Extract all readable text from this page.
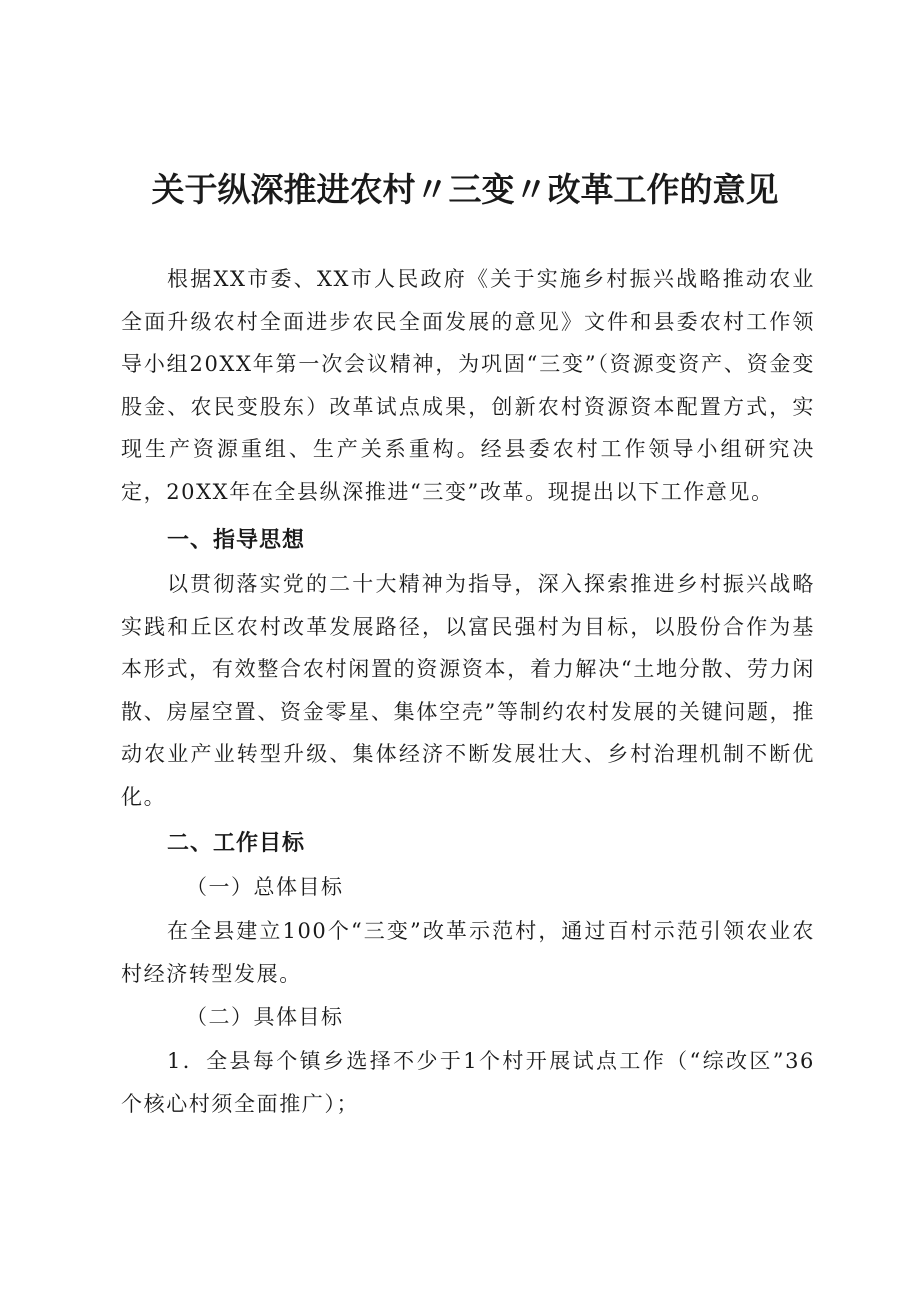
关于纵深推进农村〃三变〃改革工作的意见
根据XX市委、XX市人民政府《关于实施乡村振兴战略推动农业全面升级农村全面进步农民全面发展的意见》文件和县委农村工作领导小组20XX年第一次会议精神，为巩固“三变”（资源变资产、资金变股金、农民变股东）改革试点成果，创新农村资源资本配置方式，实现生产资源重组、生产关系重构。经县委农村工作领导小组研究决定，20XX年在全县纵深推进“三变”改革。现提出以下工作意见。
一、指导思想
以贯彻落实党的二十大精神为指导，深入探索推进乡村振兴战略实践和丘区农村改革发展路径，以富民强村为目标，以股份合作为基本形式，有效整合农村闲置的资源资本，着力解决“土地分散、劳力闲散、房屋空置、资金零星、集体空壳”等制约农村发展的关键问题，推动农业产业转型升级、集体经济不断发展壮大、乡村治理机制不断优化。
二、工作目标
（一）总体目标
在全县建立100个“三变”改革示范村，通过百村示范引领农业农村经济转型发展。
（二）具体目标
1．全县每个镇乡选择不少于1个村开展试点工作（“综改区”36个核心村须全面推广）；
